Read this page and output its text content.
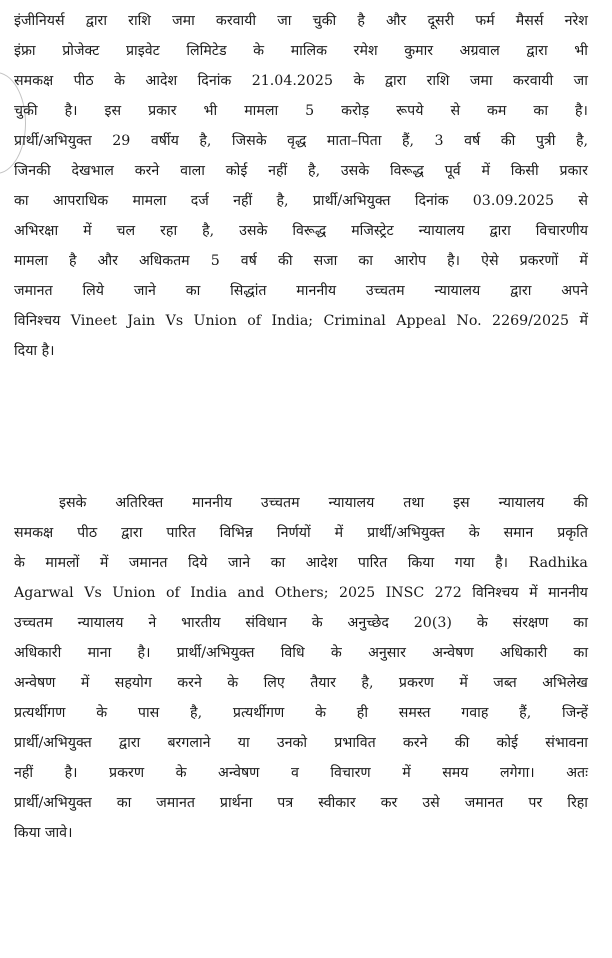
इंजीनियर्स द्वारा राशि जमा करवायी जा चुकी है और दूसरी फर्म मैसर्स नरेश
इंफ्रा प्रोजेक्ट प्राइवेट लिमिटेड के मालिक रमेश कुमार अग्रवाल द्वारा भी
समकक्ष पीठ के आदेश दिनांक 21.04.2025 के द्वारा राशि जमा करवायी जा
चुकी है। इस प्रकार भी मामला 5 करोड़ रूपये से कम का है।
प्रार्थी/अभियुक्त 29 वर्षीय है, जिसके वृद्ध माता–पिता हैं, 3 वर्ष की पुत्री है,
जिनकी देखभाल करने वाला कोई नहीं है, उसके विरूद्ध पूर्व में किसी प्रकार
का आपराधिक मामला दर्ज नहीं है, प्रार्थी/अभियुक्त दिनांक 03.09.2025 से
अभिरक्षा में चल रहा है, उसके विरूद्ध मजिस्ट्रेट न्यायालय द्वारा विचारणीय
मामला है और अधिकतम 5 वर्ष की सजा का आरोप है। ऐसे प्रकरणों में
जमानत लिये जाने का सिद्धांत माननीय उच्चतम न्यायालय द्वारा अपने
विनिश्चय Vineet Jain Vs Union of India; Criminal Appeal No. 2269/2025 में
दिया है।
इसके अतिरिक्त माननीय उच्चतम न्यायालय तथा इस न्यायालय की
समकक्ष पीठ द्वारा पारित विभिन्न निर्णयों में प्रार्थी/अभियुक्त के समान प्रकृति
के मामलों में जमानत दिये जाने का आदेश पारित किया गया है। Radhika
Agarwal Vs Union of India and Others; 2025 INSC 272 विनिश्चय में माननीय
उच्चतम न्यायालय ने भारतीय संविधान के अनुच्छेद 20(3) के संरक्षण का
अधिकारी माना है। प्रार्थी/अभियुक्त विधि के अनुसार अन्वेषण अधिकारी का
अन्वेषण में सहयोग करने के लिए तैयार है, प्रकरण में जब्त अभिलेख
प्रत्यर्थीगण के पास है, प्रत्यर्थीगण के ही समस्त गवाह हैं, जिन्हें
प्रार्थी/अभियुक्त द्वारा बरगलाने या उनको प्रभावित करने की कोई संभावना
नहीं है। प्रकरण के अन्वेषण व विचारण में समय लगेगा। अतः
प्रार्थी/अभियुक्त का जमानत प्रार्थना पत्र स्वीकार कर उसे जमानत पर रिहा
किया जावे।
